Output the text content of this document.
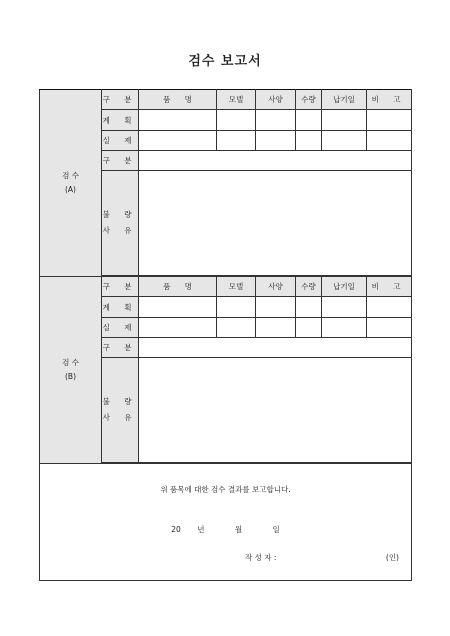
검수 보고서
검 수
(A)	구 분	품      명	모델	사양	수량	납기일	비 고
	계 획						
	실 제						
	구 분						

	불 량
사 유						

검 수
(B)	구 분	품      명	모델	사양	수량	납기일	비 고
	계 획						
	실 제						
	구 분						

	불 량
사 유						

위 품목에 대한 검수 결과를 보고합니다.
20 년 월 일
작 성 자 : (인)							
